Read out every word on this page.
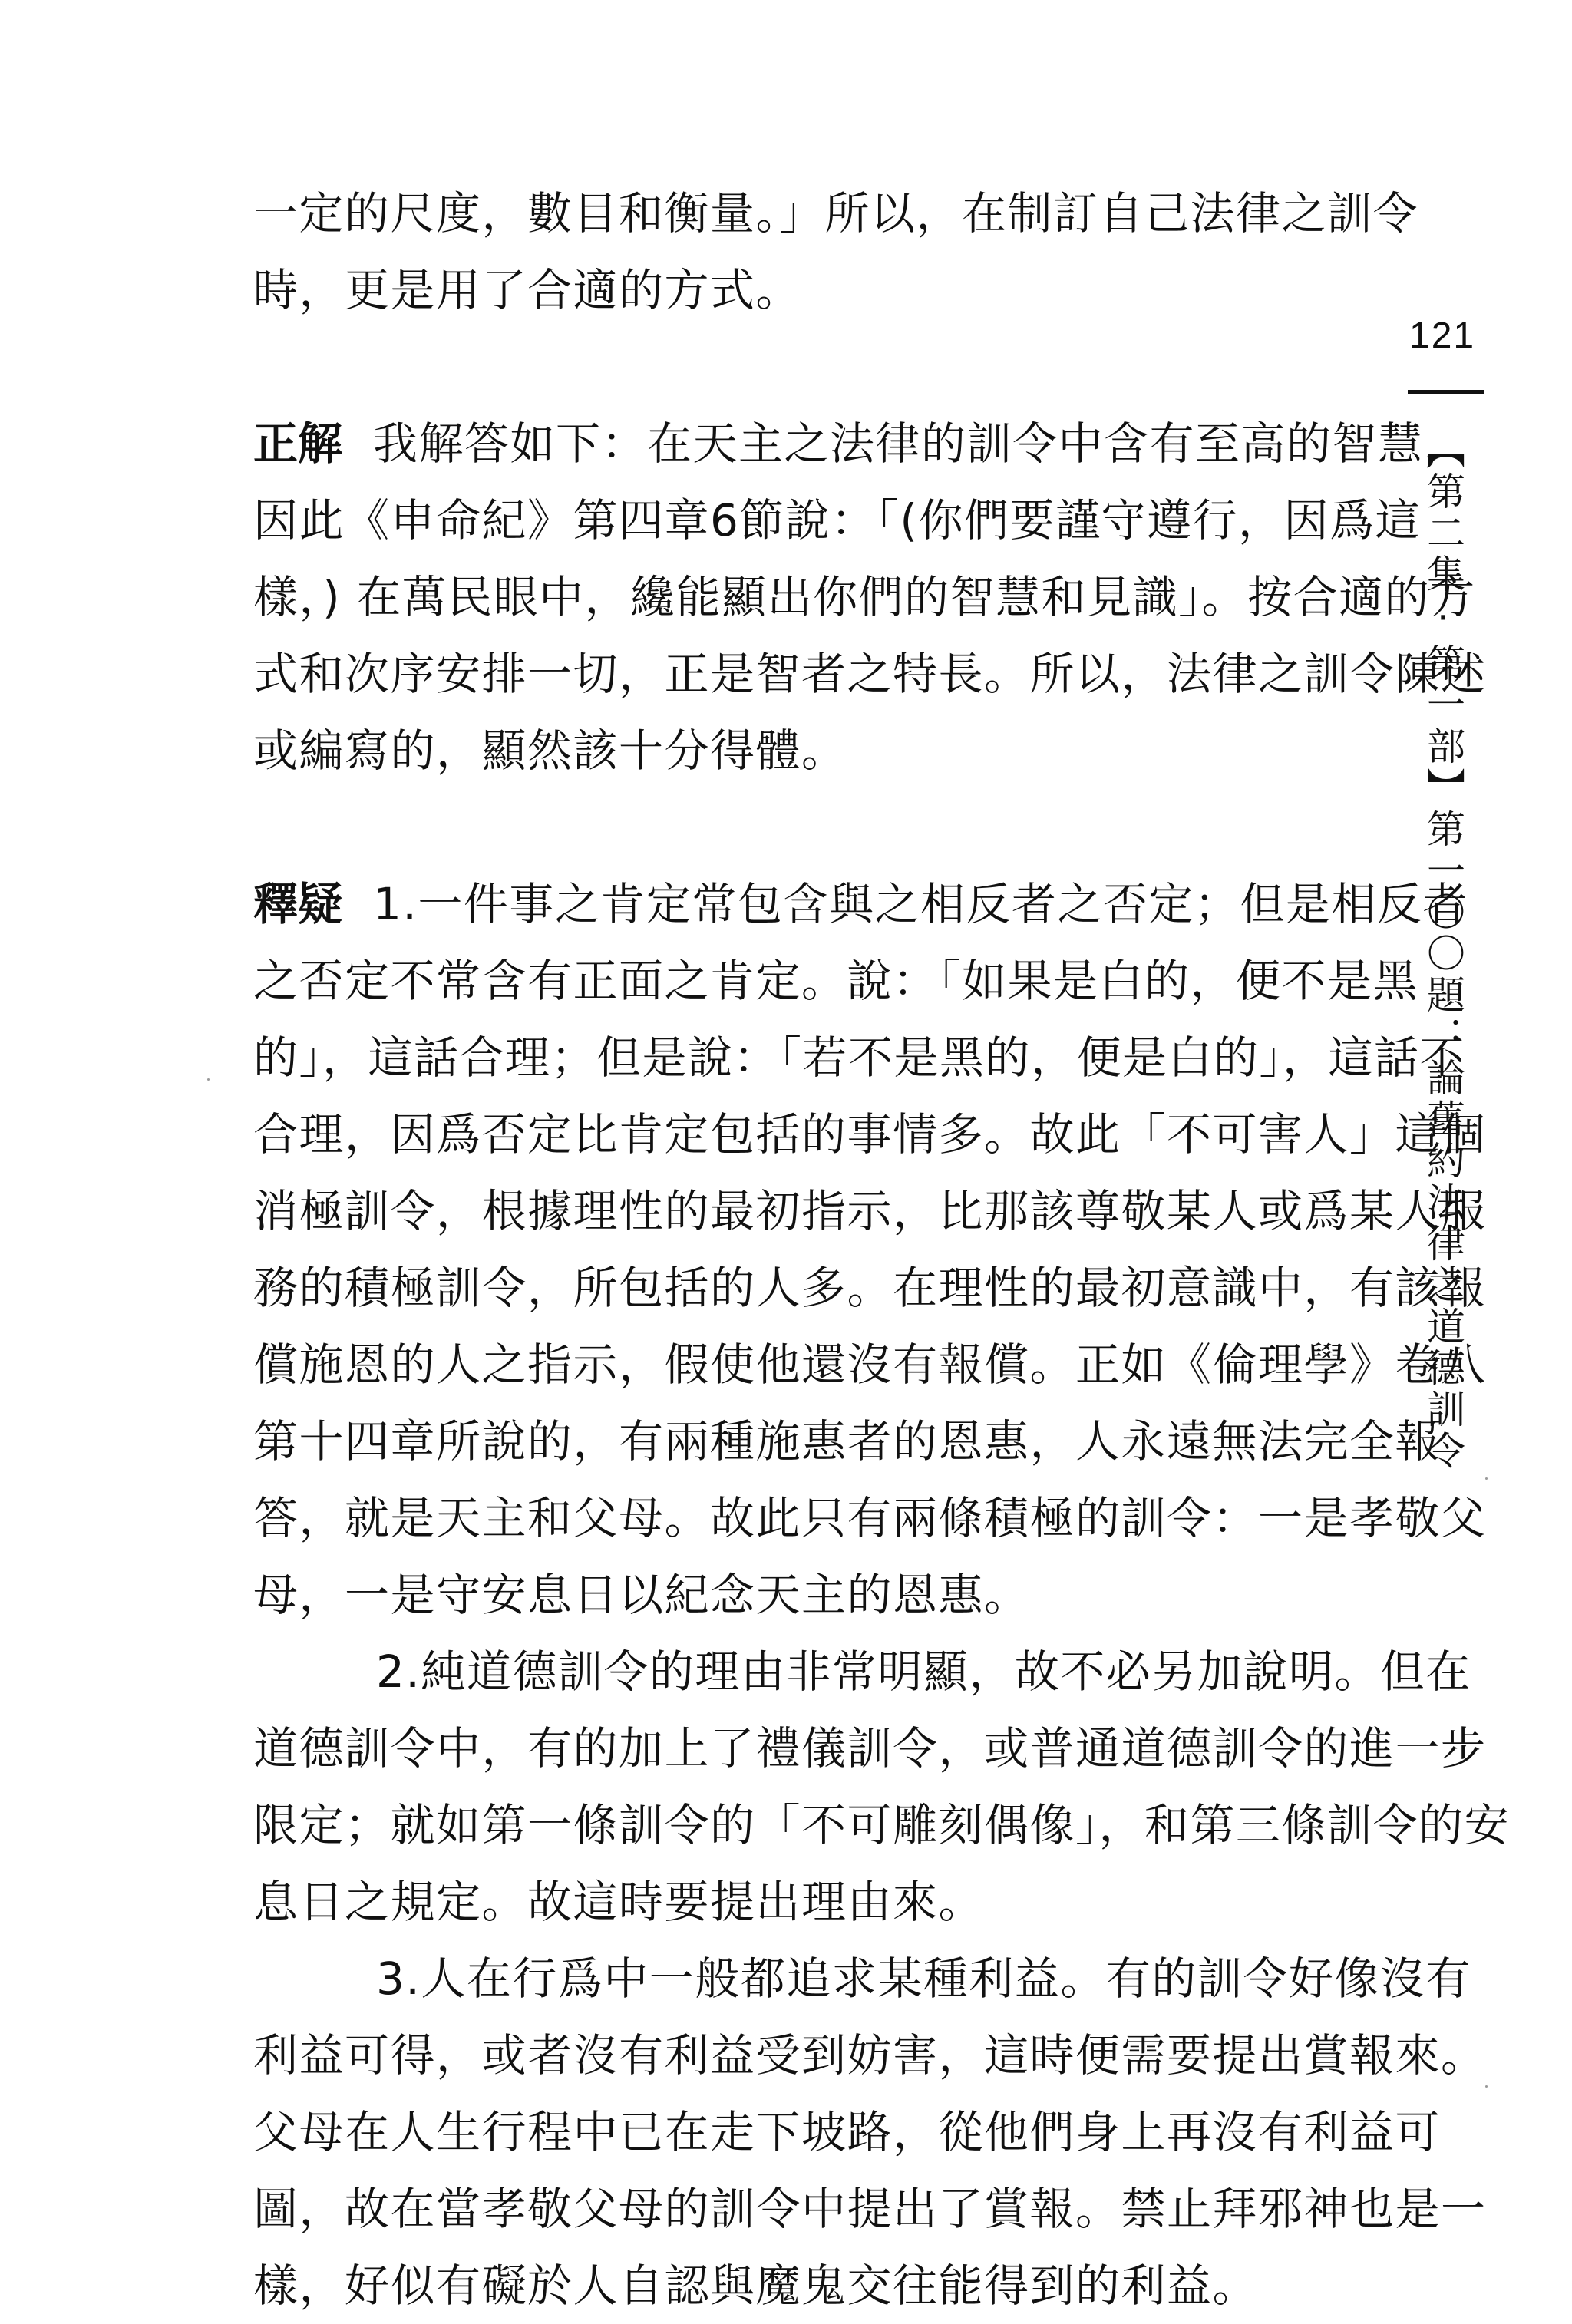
121
【第二集·第一部】第一〇〇題：論舊約法律之道德訓令
一定的尺度，數目和衡量。」所以，在制訂自己法律之訓令
時，更是用了合適的方式。
正解 我解答如下：在天主之法律的訓令中含有至高的智慧，
因此《申命紀》第四章6節說：「(你們要謹守遵行，因爲這
樣，) 在萬民眼中，纔能顯出你們的智慧和見識」。按合適的方
式和次序安排一切，正是智者之特長。所以，法律之訓令陳述
或編寫的，顯然該十分得體。
釋疑 1.一件事之肯定常包含與之相反者之否定；但是相反者
之否定不常含有正面之肯定。說：「如果是白的，便不是黑
的」，這話合理；但是說：「若不是黑的，便是白的」，這話不
合理，因爲否定比肯定包括的事情多。故此「不可害人」這個
消極訓令，根據理性的最初指示，比那該尊敬某人或爲某人服
務的積極訓令，所包括的人多。在理性的最初意識中，有該報
償施恩的人之指示，假使他還沒有報償。正如《倫理學》卷八
第十四章所說的，有兩種施惠者的恩惠，人永遠無法完全報
答，就是天主和父母。故此只有兩條積極的訓令：一是孝敬父
母，一是守安息日以紀念天主的恩惠。
2.純道德訓令的理由非常明顯，故不必另加說明。但在
道德訓令中，有的加上了禮儀訓令，或普通道德訓令的進一步
限定；就如第一條訓令的「不可雕刻偶像」，和第三條訓令的安
息日之規定。故這時要提出理由來。
3.人在行爲中一般都追求某種利益。有的訓令好像沒有
利益可得，或者沒有利益受到妨害，這時便需要提出賞報來。
父母在人生行程中已在走下坡路，從他們身上再沒有利益可
圖，故在當孝敬父母的訓令中提出了賞報。禁止拜邪神也是一
樣，好似有礙於人自認與魔鬼交往能得到的利益。
